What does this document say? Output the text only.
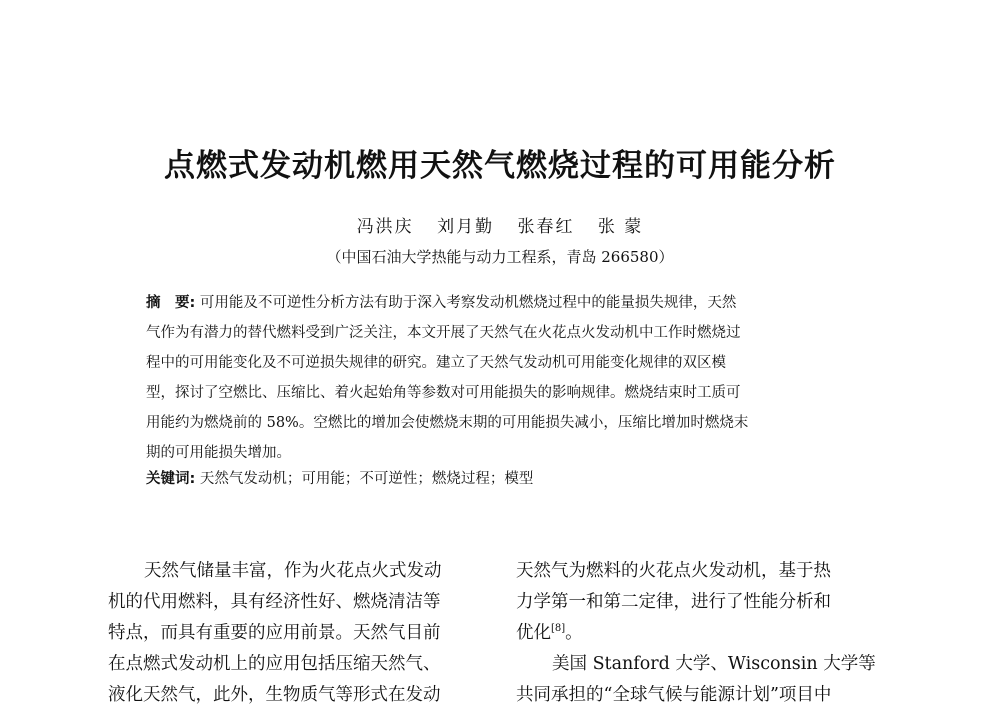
点燃式发动机燃用天然气燃烧过程的可用能分析
冯洪庆 刘月勤 张春红 张 蒙
（中国石油大学热能与动力工程系，青岛 266580）
摘　要: 可用能及不可逆性分析方法有助于深入考察发动机燃烧过程中的能量损失规律，天然
气作为有潜力的替代燃料受到广泛关注，本文开展了天然气在火花点火发动机中工作时燃烧过
程中的可用能变化及不可逆损失规律的研究。建立了天然气发动机可用能变化规律的双区模
型，探讨了空燃比、压缩比、着火起始角等参数对可用能损失的影响规律。燃烧结束时工质可
用能约为燃烧前的 58%。空燃比的增加会使燃烧末期的可用能损失减小，压缩比增加时燃烧末
期的可用能损失增加。
关键词: 天然气发动机；可用能；不可逆性；燃烧过程；模型
天然气储量丰富，作为火花点火式发动
机的代用燃料，具有经济性好、燃烧清洁等
特点，而具有重要的应用前景。天然气目前
在点燃式发动机上的应用包括压缩天然气、
液化天然气，此外，生物质气等形式在发动
天然气为燃料的火花点火发动机，基于热
力学第一和第二定律，进行了性能分析和
优化[8]。
美国 Stanford 大学、Wisconsin 大学等
共同承担的“全球气候与能源计划”项目中
